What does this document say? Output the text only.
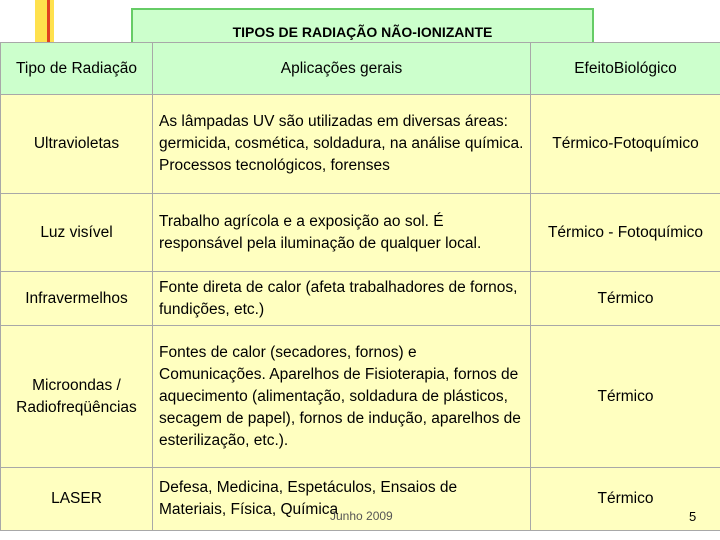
TIPOS DE RADIAÇÃO NÃO-IONIZANTE
Tipo de Radiação	Aplicações gerais	EfeitoBiológico
Ultravioletas	As lâmpadas UV são utilizadas em diversas áreas: germicida, cosmética, soldadura, na análise química. Processos tecnológicos, forenses	Térmico-Fotoquímico
Luz visível	Trabalho agrícola e a exposição ao sol. É responsável pela iluminação de qualquer local.	Térmico - Fotoquímico
Infravermelhos	Fonte direta de calor (afeta trabalhadores de fornos, fundições, etc.)	Térmico
Microondas / Radiofreqüências	Fontes de calor (secadores, fornos) e Comunicações. Aparelhos de Fisioterapia, fornos de aquecimento (alimentação, soldadura de plásticos, secagem de papel), fornos de indução, aparelhos de esterilização, etc.).	Térmico
LASER	Defesa, Medicina, Espetáculos, Ensaios de Materiais, Física, Química	Térmico
Junho 2009	5
